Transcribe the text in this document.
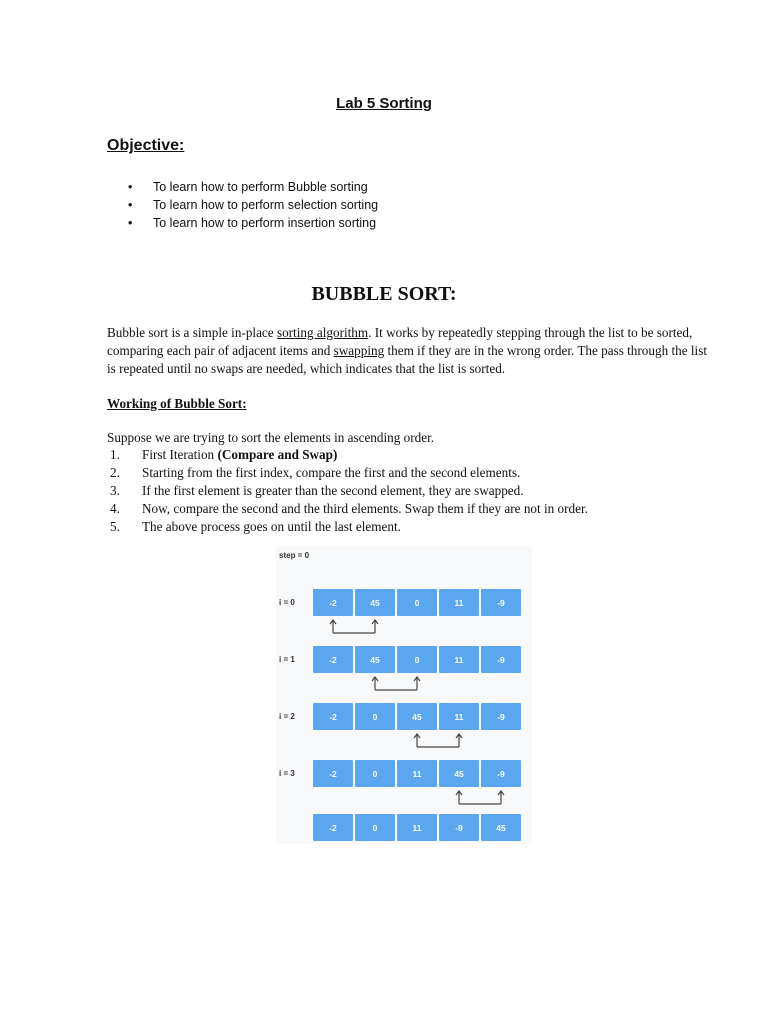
Lab 5 Sorting
Objective:
• To learn how to perform Bubble sorting
• To learn how to perform selection sorting
• To learn how to perform insertion sorting
BUBBLE SORT:

Bubble sort is a simple in-place sorting algorithm. It works by repeatedly stepping through the list to be sorted, comparing each pair of adjacent items and swapping them if they are in the wrong order. The pass through the list is repeated until no swaps are needed, which indicates that the list is sorted.

Working of Bubble Sort:
Suppose we are trying to sort the elements in ascending order.
1.	First Iteration (Compare and Swap)
2.	Starting from the first index, compare the first and the second elements.
3.	If the first element is greater than the second element, they are swapped.
4.	Now, compare the second and the third elements. Swap them if they are not in order.
5.	The above process goes on until the last element.
step = 0
i = 0	-2	45	0	11	-9
i = 1	-2	45	0	11	-9
i = 2	-2	0	45	11	-9
i = 3	-2	0	11	45	-9
-2	0	11	-9	45
